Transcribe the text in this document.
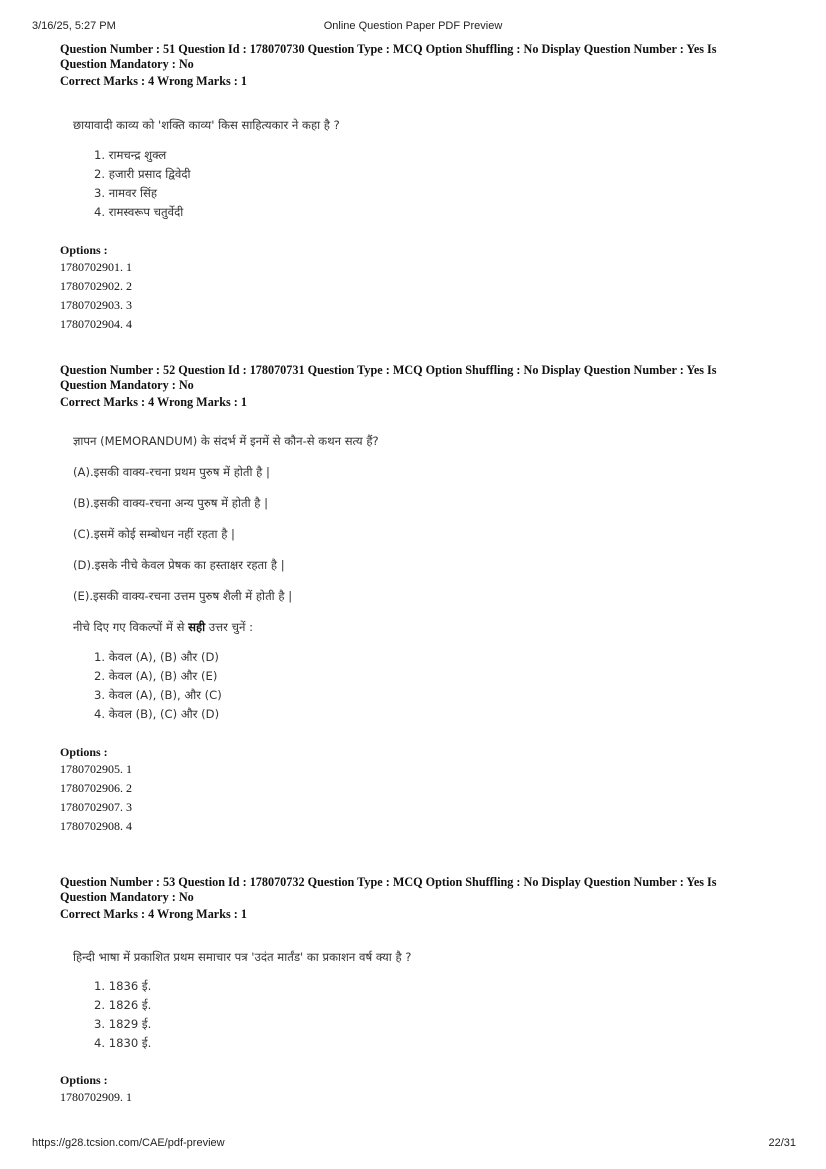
3/16/25, 5:27 PM	Online Question Paper PDF Preview
Question Number : 51 Question Id : 178070730 Question Type : MCQ Option Shuffling : No Display Question Number : Yes Is
Question Mandatory : No
Correct Marks : 4 Wrong Marks : 1
छायावादी काव्य को 'शक्ति काव्य' किस साहित्यकार ने कहा है ?
1. रामचन्द्र शुक्ल
2. हजारी प्रसाद द्विवेदी
3. नामवर सिंह
4. रामस्वरूप चतुर्वेदी
Options :
1780702901. 1
1780702902. 2
1780702903. 3
1780702904. 4
Question Number : 52 Question Id : 178070731 Question Type : MCQ Option Shuffling : No Display Question Number : Yes Is
Question Mandatory : No
Correct Marks : 4 Wrong Marks : 1

ज्ञापन (MEMORANDUM) के संदर्भ में इनमें से कौन-से कथन सत्य हैं?

(A).इसकी वाक्य-रचना प्रथम पुरुष में होती है |

(B).इसकी वाक्य-रचना अन्य पुरुष में होती है |

(C).इसमें कोई सम्बोधन नहीं रहता है |

(D).इसके नीचे केवल प्रेषक का हस्ताक्षर रहता है |

(E).इसकी वाक्य-रचना उत्तम पुरुष शैली में होती है |

नीचे दिए गए विकल्पों में से सही उत्तर चुनें :

1. केवल (A), (B) और (D)
2. केवल (A), (B) और (E)
3. केवल (A), (B), और (C)
4. केवल (B), (C) और (D)
Options :
1780702905. 1
1780702906. 2
1780702907. 3
1780702908. 4
Question Number : 53 Question Id : 178070732 Question Type : MCQ Option Shuffling : No Display Question Number : Yes Is
Question Mandatory : No
Correct Marks : 4 Wrong Marks : 1
हिन्दी भाषा में प्रकाशित प्रथम समाचार पत्र 'उदंत मार्तंड' का प्रकाशन वर्ष क्या है ?
1. 1836 ई.
2. 1826 ई.
3. 1829 ई.
4. 1830 ई.
Options :
1780702909. 1
https://g28.tcsion.com/CAE/pdf-preview	22/31
